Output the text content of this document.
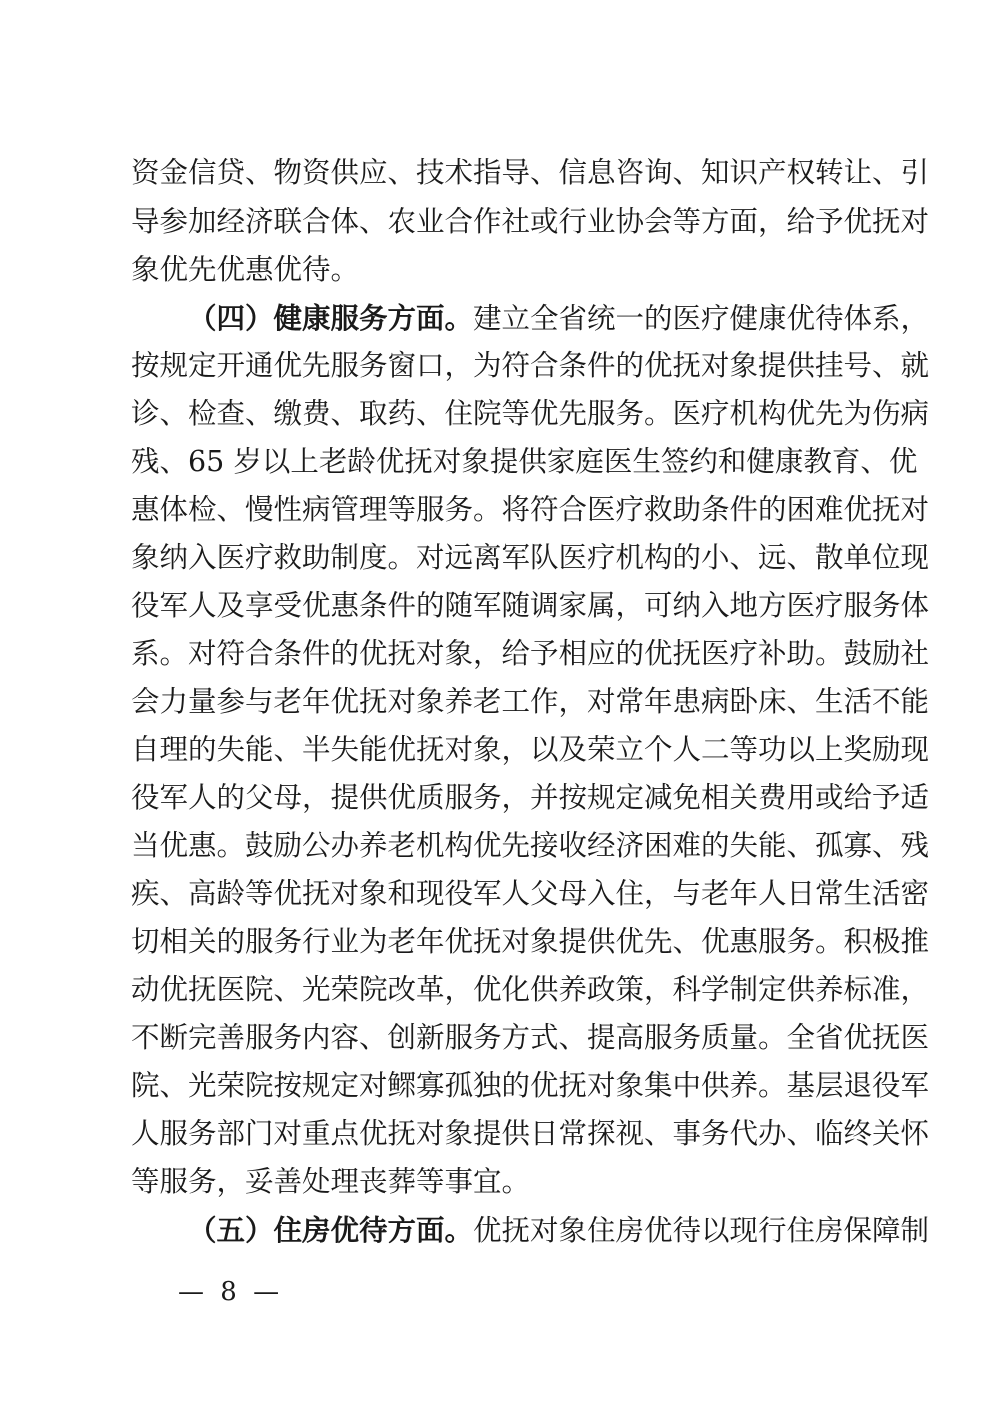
资金信贷、物资供应、技术指导、信息咨询、知识产权转让、引
导参加经济联合体、农业合作社或行业协会等方面，给予优抚对
象优先优惠优待。
（四）健康服务方面。建立全省统一的医疗健康优待体系，
按规定开通优先服务窗口，为符合条件的优抚对象提供挂号、就
诊、检查、缴费、取药、住院等优先服务。医疗机构优先为伤病
残、65 岁以上老龄优抚对象提供家庭医生签约和健康教育、优
惠体检、慢性病管理等服务。将符合医疗救助条件的困难优抚对
象纳入医疗救助制度。对远离军队医疗机构的小、远、散单位现
役军人及享受优惠条件的随军随调家属，可纳入地方医疗服务体
系。对符合条件的优抚对象，给予相应的优抚医疗补助。鼓励社
会力量参与老年优抚对象养老工作，对常年患病卧床、生活不能
自理的失能、半失能优抚对象，以及荣立个人二等功以上奖励现
役军人的父母，提供优质服务，并按规定减免相关费用或给予适
当优惠。鼓励公办养老机构优先接收经济困难的失能、孤寡、残
疾、高龄等优抚对象和现役军人父母入住，与老年人日常生活密
切相关的服务行业为老年优抚对象提供优先、优惠服务。积极推
动优抚医院、光荣院改革，优化供养政策，科学制定供养标准，
不断完善服务内容、创新服务方式、提高服务质量。全省优抚医
院、光荣院按规定对鳏寡孤独的优抚对象集中供养。基层退役军
人服务部门对重点优抚对象提供日常探视、事务代办、临终关怀
等服务，妥善处理丧葬等事宜。
（五）住房优待方面。优抚对象住房优待以现行住房保障制
— 8 —
